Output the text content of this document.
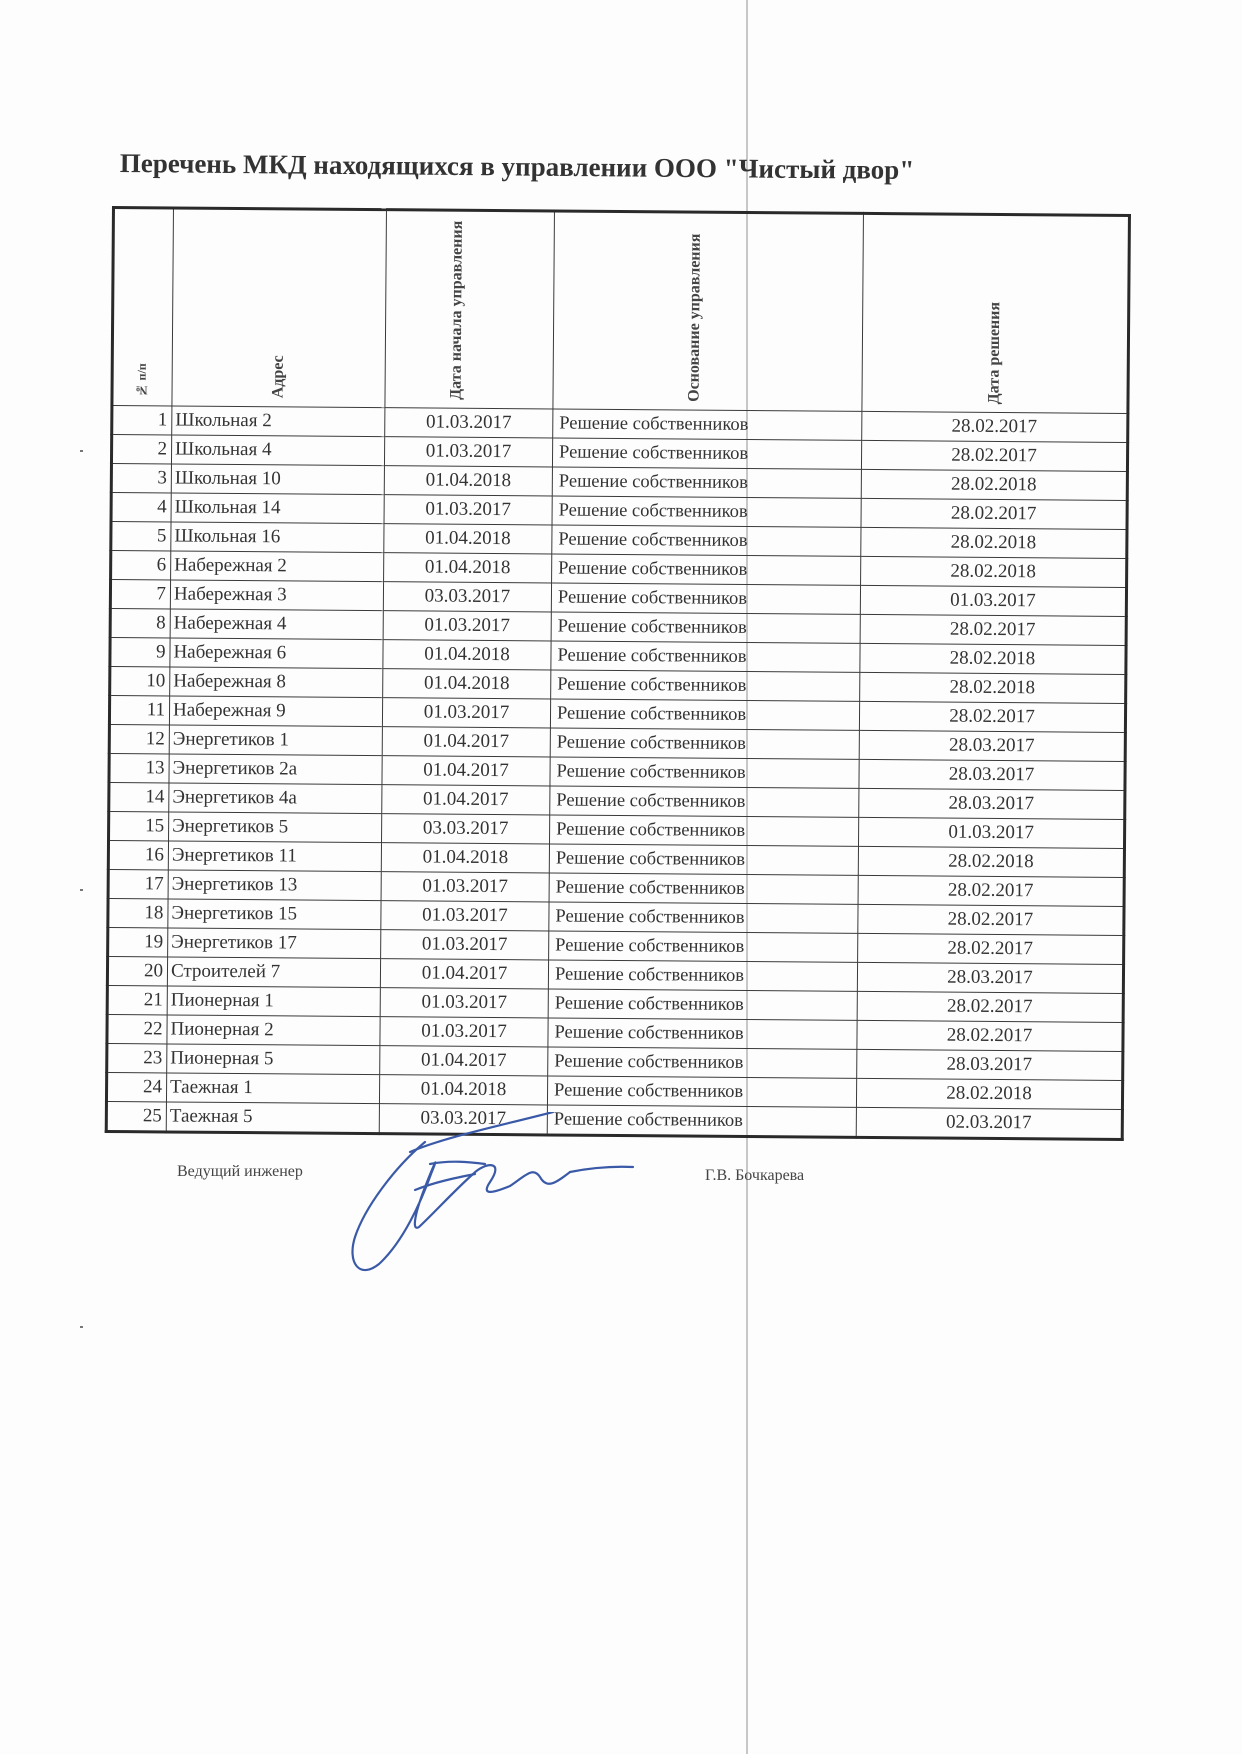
Перечень МКД находящихся в управлении ООО "Чистый двор"
№ п/п	Адрес	Дата начала управления	Основание управления	Дата решения

1	Школьная 2	01.03.2017	Решение собственников	28.02.2017
2	Школьная 4	01.03.2017	Решение собственников	28.02.2017
3	Школьная 10	01.04.2018	Решение собственников	28.02.2018
4	Школьная 14	01.03.2017	Решение собственников	28.02.2017
5	Школьная 16	01.04.2018	Решение собственников	28.02.2018
6	Набережная 2	01.04.2018	Решение собственников	28.02.2018
7	Набережная 3	03.03.2017	Решение собственников	01.03.2017
8	Набережная 4	01.03.2017	Решение собственников	28.02.2017
9	Набережная 6	01.04.2018	Решение собственников	28.02.2018
10	Набережная 8	01.04.2018	Решение собственников	28.02.2018
11	Набережная 9	01.03.2017	Решение собственников	28.02.2017
12	Энергетиков 1	01.04.2017	Решение собственников	28.03.2017
13	Энергетиков 2а	01.04.2017	Решение собственников	28.03.2017
14	Энергетиков 4а	01.04.2017	Решение собственников	28.03.2017
15	Энергетиков 5	03.03.2017	Решение собственников	01.03.2017
16	Энергетиков 11	01.04.2018	Решение собственников	28.02.2018
17	Энергетиков 13	01.03.2017	Решение собственников	28.02.2017
18	Энергетиков 15	01.03.2017	Решение собственников	28.02.2017
19	Энергетиков 17	01.03.2017	Решение собственников	28.02.2017
20	Строителей 7	01.04.2017	Решение собственников	28.03.2017
21	Пионерная 1	01.03.2017	Решение собственников	28.02.2017
22	Пионерная 2	01.03.2017	Решение собственников	28.02.2017
23	Пионерная 5	01.04.2017	Решение собственников	28.03.2017
24	Таежная 1	01.04.2018	Решение собственников	28.02.2018
25	Таежная 5	03.03.2017	Решение собственников	02.03.2017
Ведущий инженер	Г.В. Бочкарева
